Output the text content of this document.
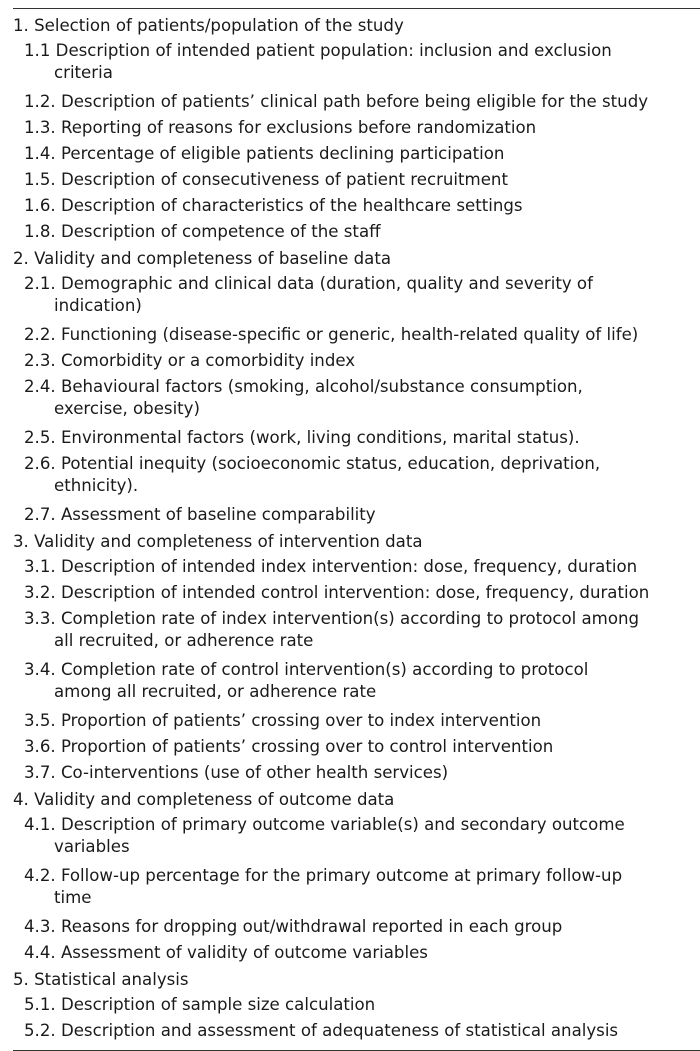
1. Selection of patients/population of the study
1.1 Description of intended patient population: inclusion and exclusion
criteria
1.2. Description of patients’ clinical path before being eligible for the study
1.3. Reporting of reasons for exclusions before randomization
1.4. Percentage of eligible patients declining participation
1.5. Description of consecutiveness of patient recruitment
1.6. Description of characteristics of the healthcare settings
1.8. Description of competence of the staff
2. Validity and completeness of baseline data
2.1. Demographic and clinical data (duration, quality and severity of
indication)
2.2. Functioning (disease-specific or generic, health-related quality of life)
2.3. Comorbidity or a comorbidity index
2.4. Behavioural factors (smoking, alcohol/substance consumption,
exercise, obesity)
2.5. Environmental factors (work, living conditions, marital status).
2.6. Potential inequity (socioeconomic status, education, deprivation,
ethnicity).
2.7. Assessment of baseline comparability
3. Validity and completeness of intervention data
3.1. Description of intended index intervention: dose, frequency, duration
3.2. Description of intended control intervention: dose, frequency, duration
3.3. Completion rate of index intervention(s) according to protocol among
all recruited, or adherence rate
3.4. Completion rate of control intervention(s) according to protocol
among all recruited, or adherence rate
3.5. Proportion of patients’ crossing over to index intervention
3.6. Proportion of patients’ crossing over to control intervention
3.7. Co-interventions (use of other health services)
4. Validity and completeness of outcome data
4.1. Description of primary outcome variable(s) and secondary outcome
variables
4.2. Follow-up percentage for the primary outcome at primary follow-up
time
4.3. Reasons for dropping out/withdrawal reported in each group
4.4. Assessment of validity of outcome variables
5. Statistical analysis
5.1. Description of sample size calculation
5.2. Description and assessment of adequateness of statistical analysis
